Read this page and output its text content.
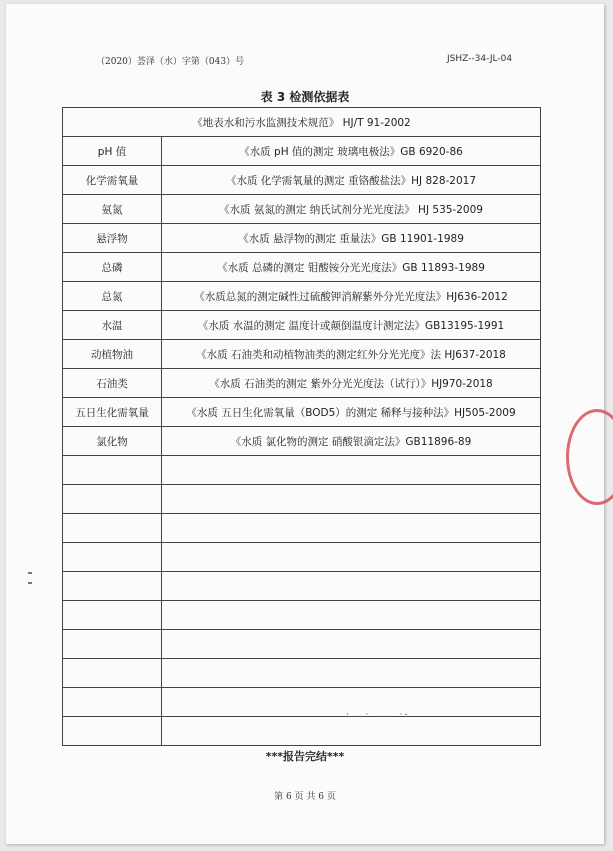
（2020）荟泽（水）字第（043）号	JSHZ--34-JL-04
表 3 检测依据表
《地表水和污水监测技术规范》 HJ/T 91-2002	
pH 值	《水质 pH 值的测定 玻璃电极法》GB 6920-86
化学需氧量	《水质 化学需氧量的测定 重铬酸盐法》HJ 828-2017
氨氮	《水质 氨氮的测定 纳氏试剂分光光度法》 HJ 535-2009
悬浮物	《水质 悬浮物的测定 重量法》GB 11901-1989
总磷	《水质 总磷的测定 钼酸铵分光光度法》GB 11893-1989
总氮	《水质总氮的测定碱性过硫酸钾消解紫外分光光度法》HJ636-2012
水温	《水质 水温的测定 温度计或颠倒温度计测定法》GB13195-1991
动植物油	《水质 石油类和动植物油类的测定红外分光光度》法 HJ637-2018
石油类	《水质 石油类的测定 紫外分光光度法（试行）》HJ970-2018
五日生化需氧量	《水质 五日生化需氧量（BOD5）的测定 稀释与接种法》HJ505-2009
氯化物	《水质 氯化物的测定 硝酸银滴定法》GB11896-89

· . · . .. ·-
***报告完结***
第 6 页 共 6 页
